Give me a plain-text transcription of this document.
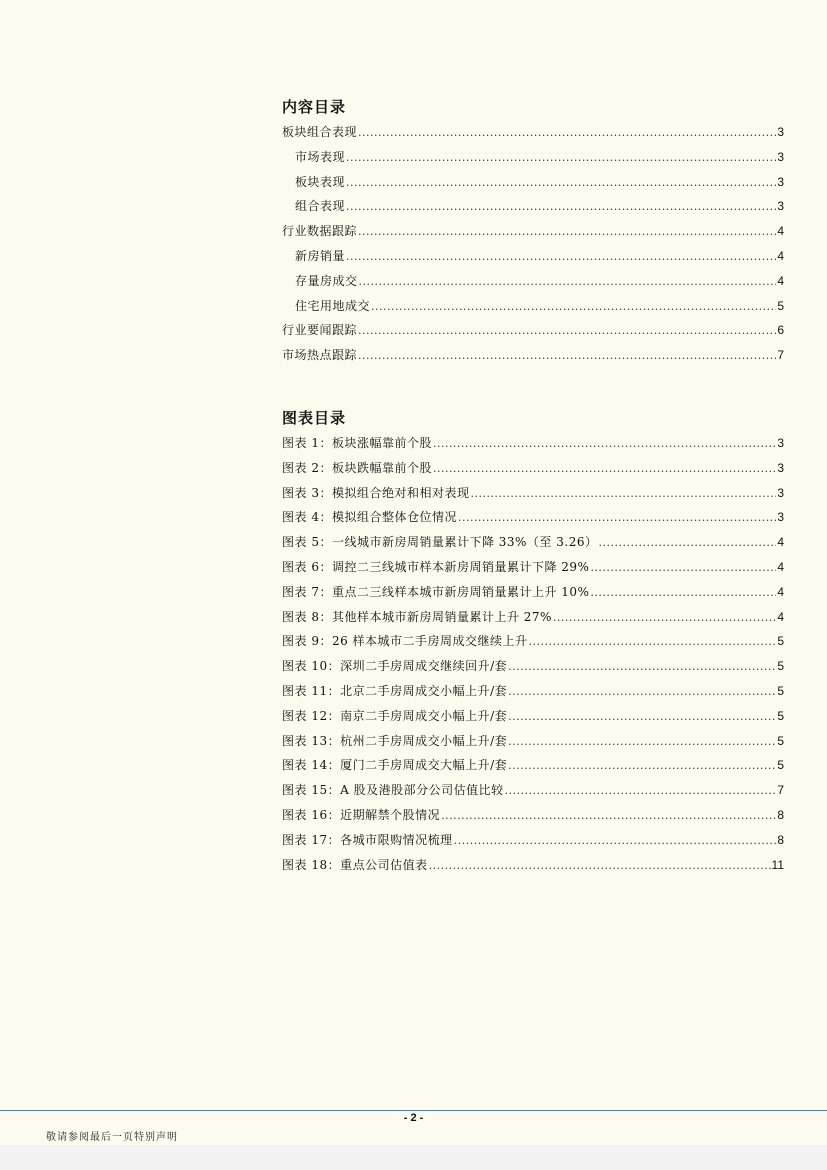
内容目录
板块组合表现 .....	3
市场表现 .....	3
板块表现 .....	3
组合表现 .....	3
行业数据跟踪 .....	4
新房销量 .....	4
存量房成交 .....	4
住宅用地成交 .....	5
行业要闻跟踪 .....	6
市场热点跟踪 .....	7
图表目录
图表 1：板块涨幅靠前个股 .....	3
图表 2：板块跌幅靠前个股 .....	3
图表 3：模拟组合绝对和相对表现 .....	3
图表 4：模拟组合整体仓位情况 .....	3
图表 5：一线城市新房周销量累计下降 33%（至 3.26） .....	4
图表 6：调控二三线城市样本新房周销量累计下降 29% .....	4
图表 7：重点二三线样本城市新房周销量累计上升 10% .....	4
图表 8：其他样本城市新房周销量累计上升 27% .....	4
图表 9：26 样本城市二手房周成交继续上升 .....	5
图表 10：深圳二手房周成交继续回升/套 .....	5
图表 11：北京二手房周成交小幅上升/套 .....	5
图表 12：南京二手房周成交小幅上升/套 .....	5
图表 13：杭州二手房周成交小幅上升/套 .....	5
图表 14：厦门二手房周成交大幅上升/套 .....	5
图表 15：A 股及港股部分公司估值比较 .....	7
图表 16：近期解禁个股情况 .....	8
图表 17：各城市限购情况梳理 .....	8
图表 18：重点公司估值表 .....	11
- 2 -
敬请参阅最后一页特别声明
